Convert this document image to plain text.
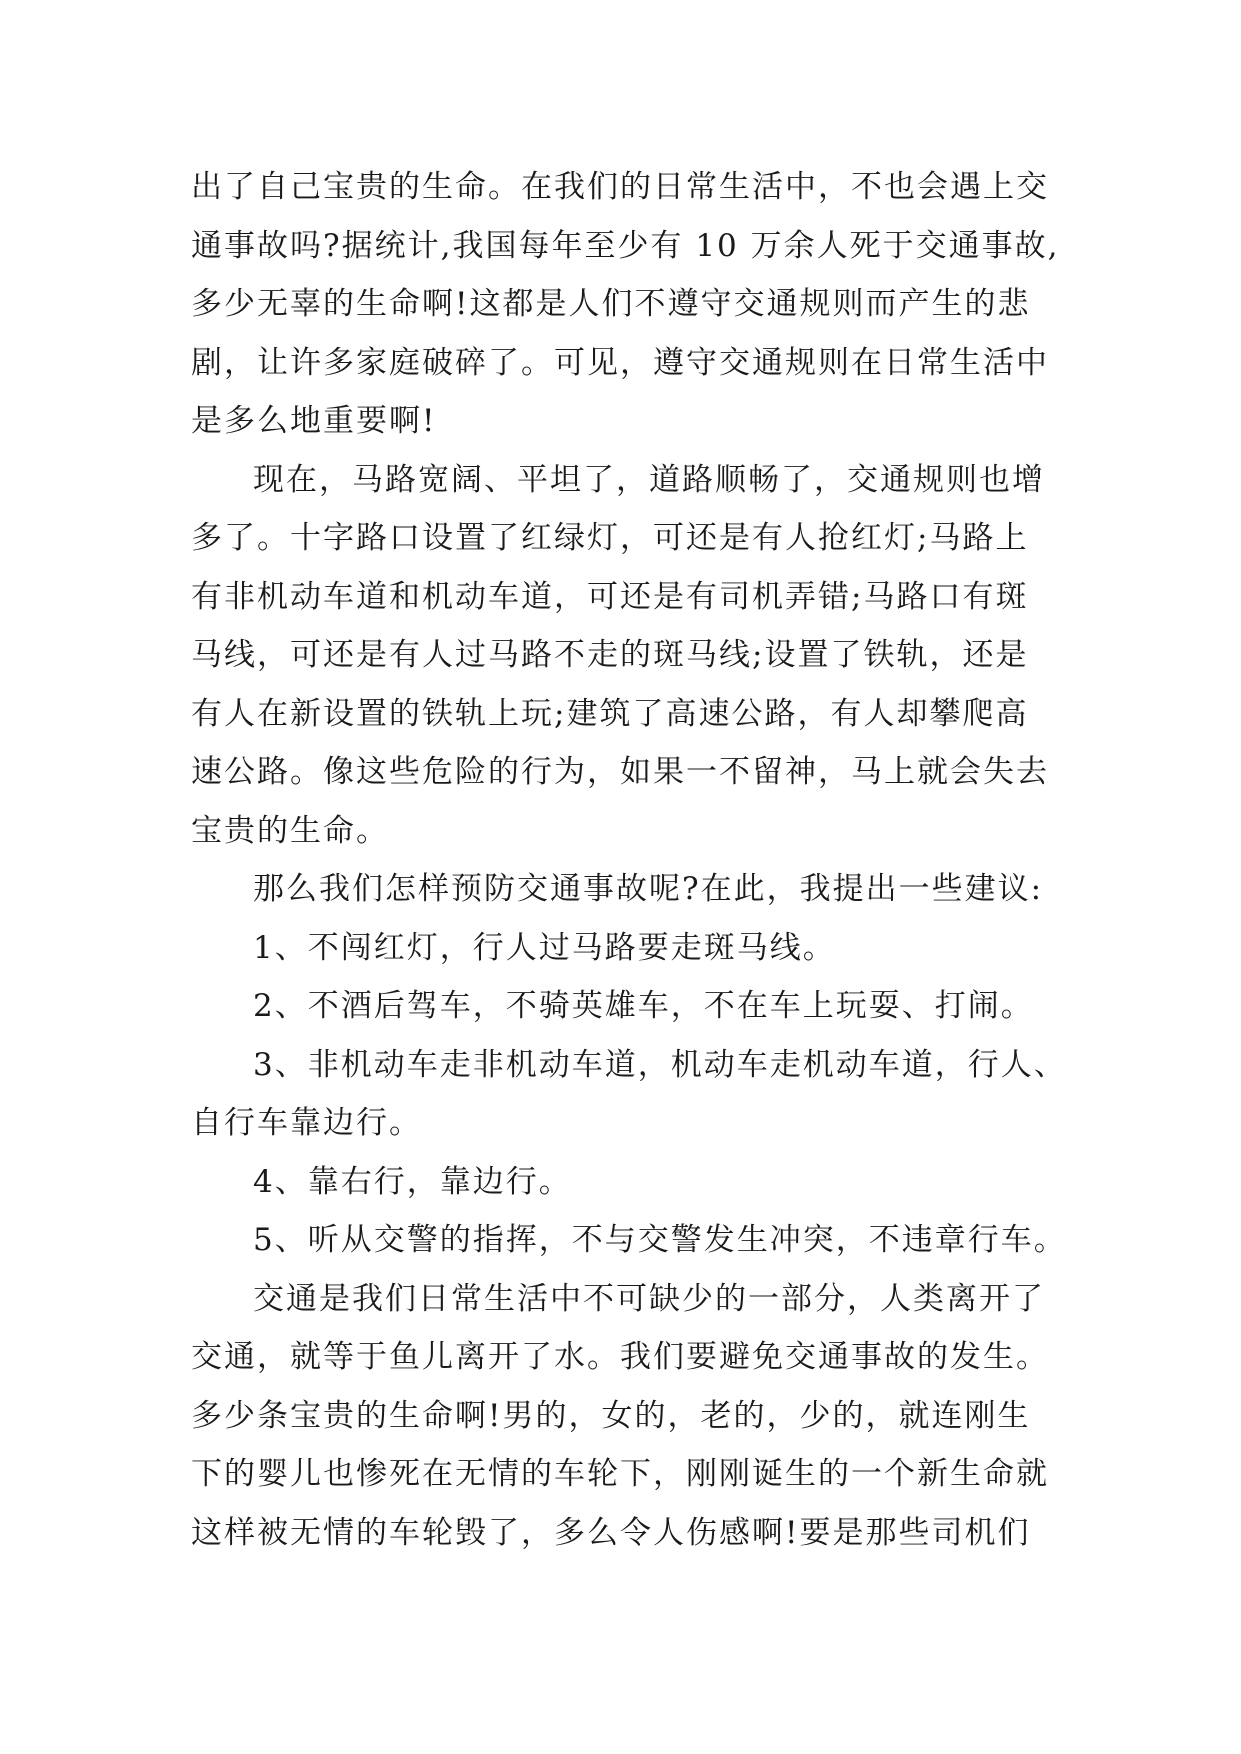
出了自己宝贵的生命。在我们的日常生活中，不也会遇上交
通事故吗?据统计,我国每年至少有 10 万余人死于交通事故,
多少无辜的生命啊!这都是人们不遵守交通规则而产生的悲
剧，让许多家庭破碎了。可见，遵守交通规则在日常生活中
是多么地重要啊!
现在，马路宽阔、平坦了，道路顺畅了，交通规则也增
多了。十字路口设置了红绿灯，可还是有人抢红灯;马路上
有非机动车道和机动车道，可还是有司机弄错;马路口有斑
马线，可还是有人过马路不走的斑马线;设置了铁轨，还是
有人在新设置的铁轨上玩;建筑了高速公路，有人却攀爬高
速公路。像这些危险的行为，如果一不留神，马上就会失去
宝贵的生命。
那么我们怎样预防交通事故呢?在此，我提出一些建议:
1、不闯红灯，行人过马路要走斑马线。
2、不酒后驾车，不骑英雄车，不在车上玩耍、打闹。
3、非机动车走非机动车道，机动车走机动车道，行人、
自行车靠边行。
4、靠右行，靠边行。
5、听从交警的指挥，不与交警发生冲突，不违章行车。
交通是我们日常生活中不可缺少的一部分，人类离开了
交通，就等于鱼儿离开了水。我们要避免交通事故的发生。
多少条宝贵的生命啊!男的，女的，老的，少的，就连刚生
下的婴儿也惨死在无情的车轮下，刚刚诞生的一个新生命就
这样被无情的车轮毁了，多么令人伤感啊!要是那些司机们
